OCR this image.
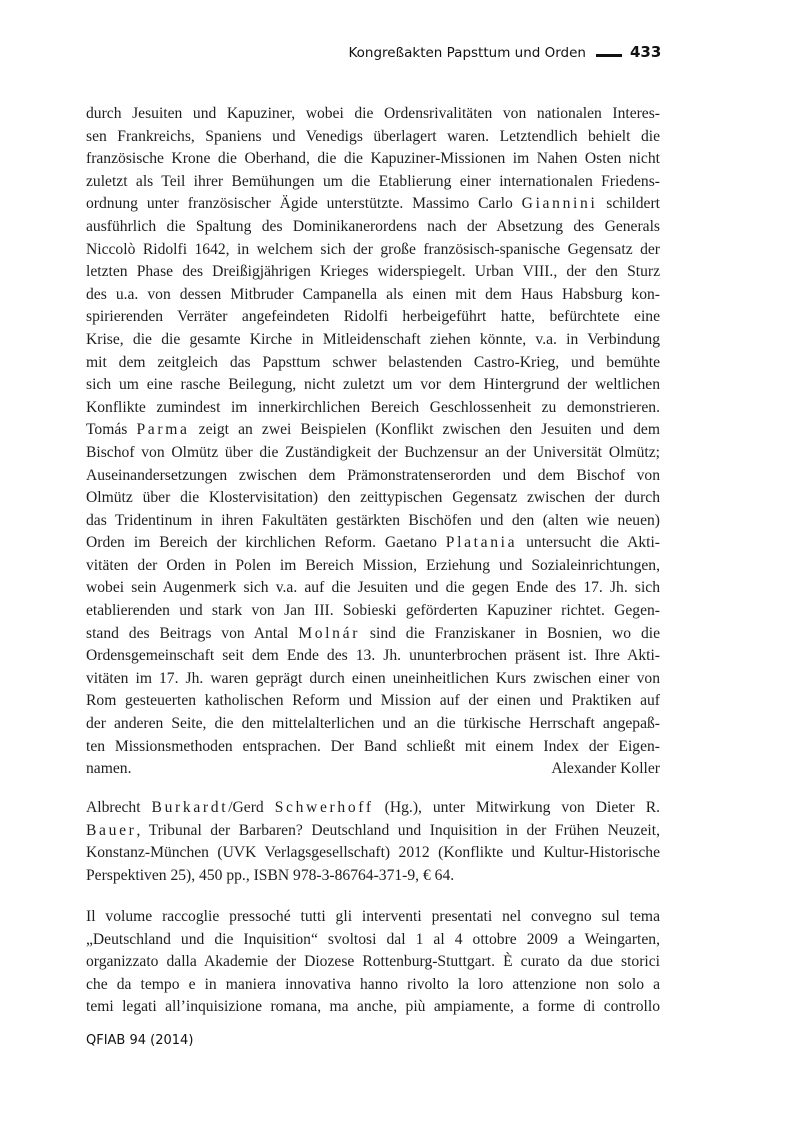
Kongreßakten Papsttum und Orden	433
durch Jesuiten und Kapuziner, wobei die Ordensrivalitäten von nationalen Interes-
sen Frankreichs, Spaniens und Venedigs überlagert waren. Letztendlich behielt die
französische Krone die Oberhand, die die Kapuziner-Missionen im Nahen Osten nicht
zuletzt als Teil ihrer Bemühungen um die Etablierung einer internationalen Friedens-
ordnung unter französischer Ägide unterstützte. Massimo Carlo Giannini schildert
ausführlich die Spaltung des Dominikanerordens nach der Absetzung des Generals
Niccolò Ridolfi 1642, in welchem sich der große französisch-spanische Gegensatz der
letzten Phase des Dreißigjährigen Krieges widerspiegelt. Urban VIII., der den Sturz
des u.a. von dessen Mitbruder Campanella als einen mit dem Haus Habsburg kon-
spirierenden Verräter angefeindeten Ridolfi herbeigeführt hatte, befürchtete eine
Krise, die die gesamte Kirche in Mitleidenschaft ziehen könnte, v.a. in Verbindung
mit dem zeitgleich das Papsttum schwer belastenden Castro-Krieg, und bemühte
sich um eine rasche Beilegung, nicht zuletzt um vor dem Hintergrund der weltlichen
Konflikte zumindest im innerkirchlichen Bereich Geschlossenheit zu demonstrieren.
Tomás Parma zeigt an zwei Beispielen (Konflikt zwischen den Jesuiten und dem
Bischof von Olmütz über die Zuständigkeit der Buchzensur an der Universität Olmütz;
Auseinandersetzungen zwischen dem Prämonstratenserorden und dem Bischof von
Olmütz über die Klostervisitation) den zeittypischen Gegensatz zwischen der durch
das Tridentinum in ihren Fakultäten gestärkten Bischöfen und den (alten wie neuen)
Orden im Bereich der kirchlichen Reform. Gaetano Platania untersucht die Akti-
vitäten der Orden in Polen im Bereich Mission, Erziehung und Sozialeinrichtungen,
wobei sein Augenmerk sich v.a. auf die Jesuiten und die gegen Ende des 17. Jh. sich
etablierenden und stark von Jan III. Sobieski geförderten Kapuziner richtet. Gegen-
stand des Beitrags von Antal Molnár sind die Franziskaner in Bosnien, wo die
Ordensgemeinschaft seit dem Ende des 13. Jh. ununterbrochen präsent ist. Ihre Akti-
vitäten im 17. Jh. waren geprägt durch einen uneinheitlichen Kurs zwischen einer von
Rom gesteuerten katholischen Reform und Mission auf der einen und Praktiken auf
der anderen Seite, die den mittelalterlichen und an die türkische Herrschaft angepaß-
ten Missionsmethoden entsprachen. Der Band schließt mit einem Index der Eigen-
namen.	Alexander Koller
Albrecht Burkardt/Gerd Schwerhoff (Hg.), unter Mitwirkung von Dieter R.
Bauer, Tribunal der Barbaren? Deutschland und Inquisition in der Frühen Neuzeit,
Konstanz-München (UVK Verlagsgesellschaft) 2012 (Konflikte und Kultur-Historische
Perspektiven 25), 450 pp., ISBN 978-3-86764-371-9, € 64.
Il volume raccoglie pressoché tutti gli interventi presentati nel convegno sul tema
„Deutschland und die Inquisition“ svoltosi dal 1 al 4 ottobre 2009 a Weingarten,
organizzato dalla Akademie der Diozese Rottenburg-Stuttgart. È curato da due storici
che da tempo e in maniera innovativa hanno rivolto la loro attenzione non solo a
temi legati all’inquisizione romana, ma anche, più ampiamente, a forme di controllo
QFIAB 94 (2014)
